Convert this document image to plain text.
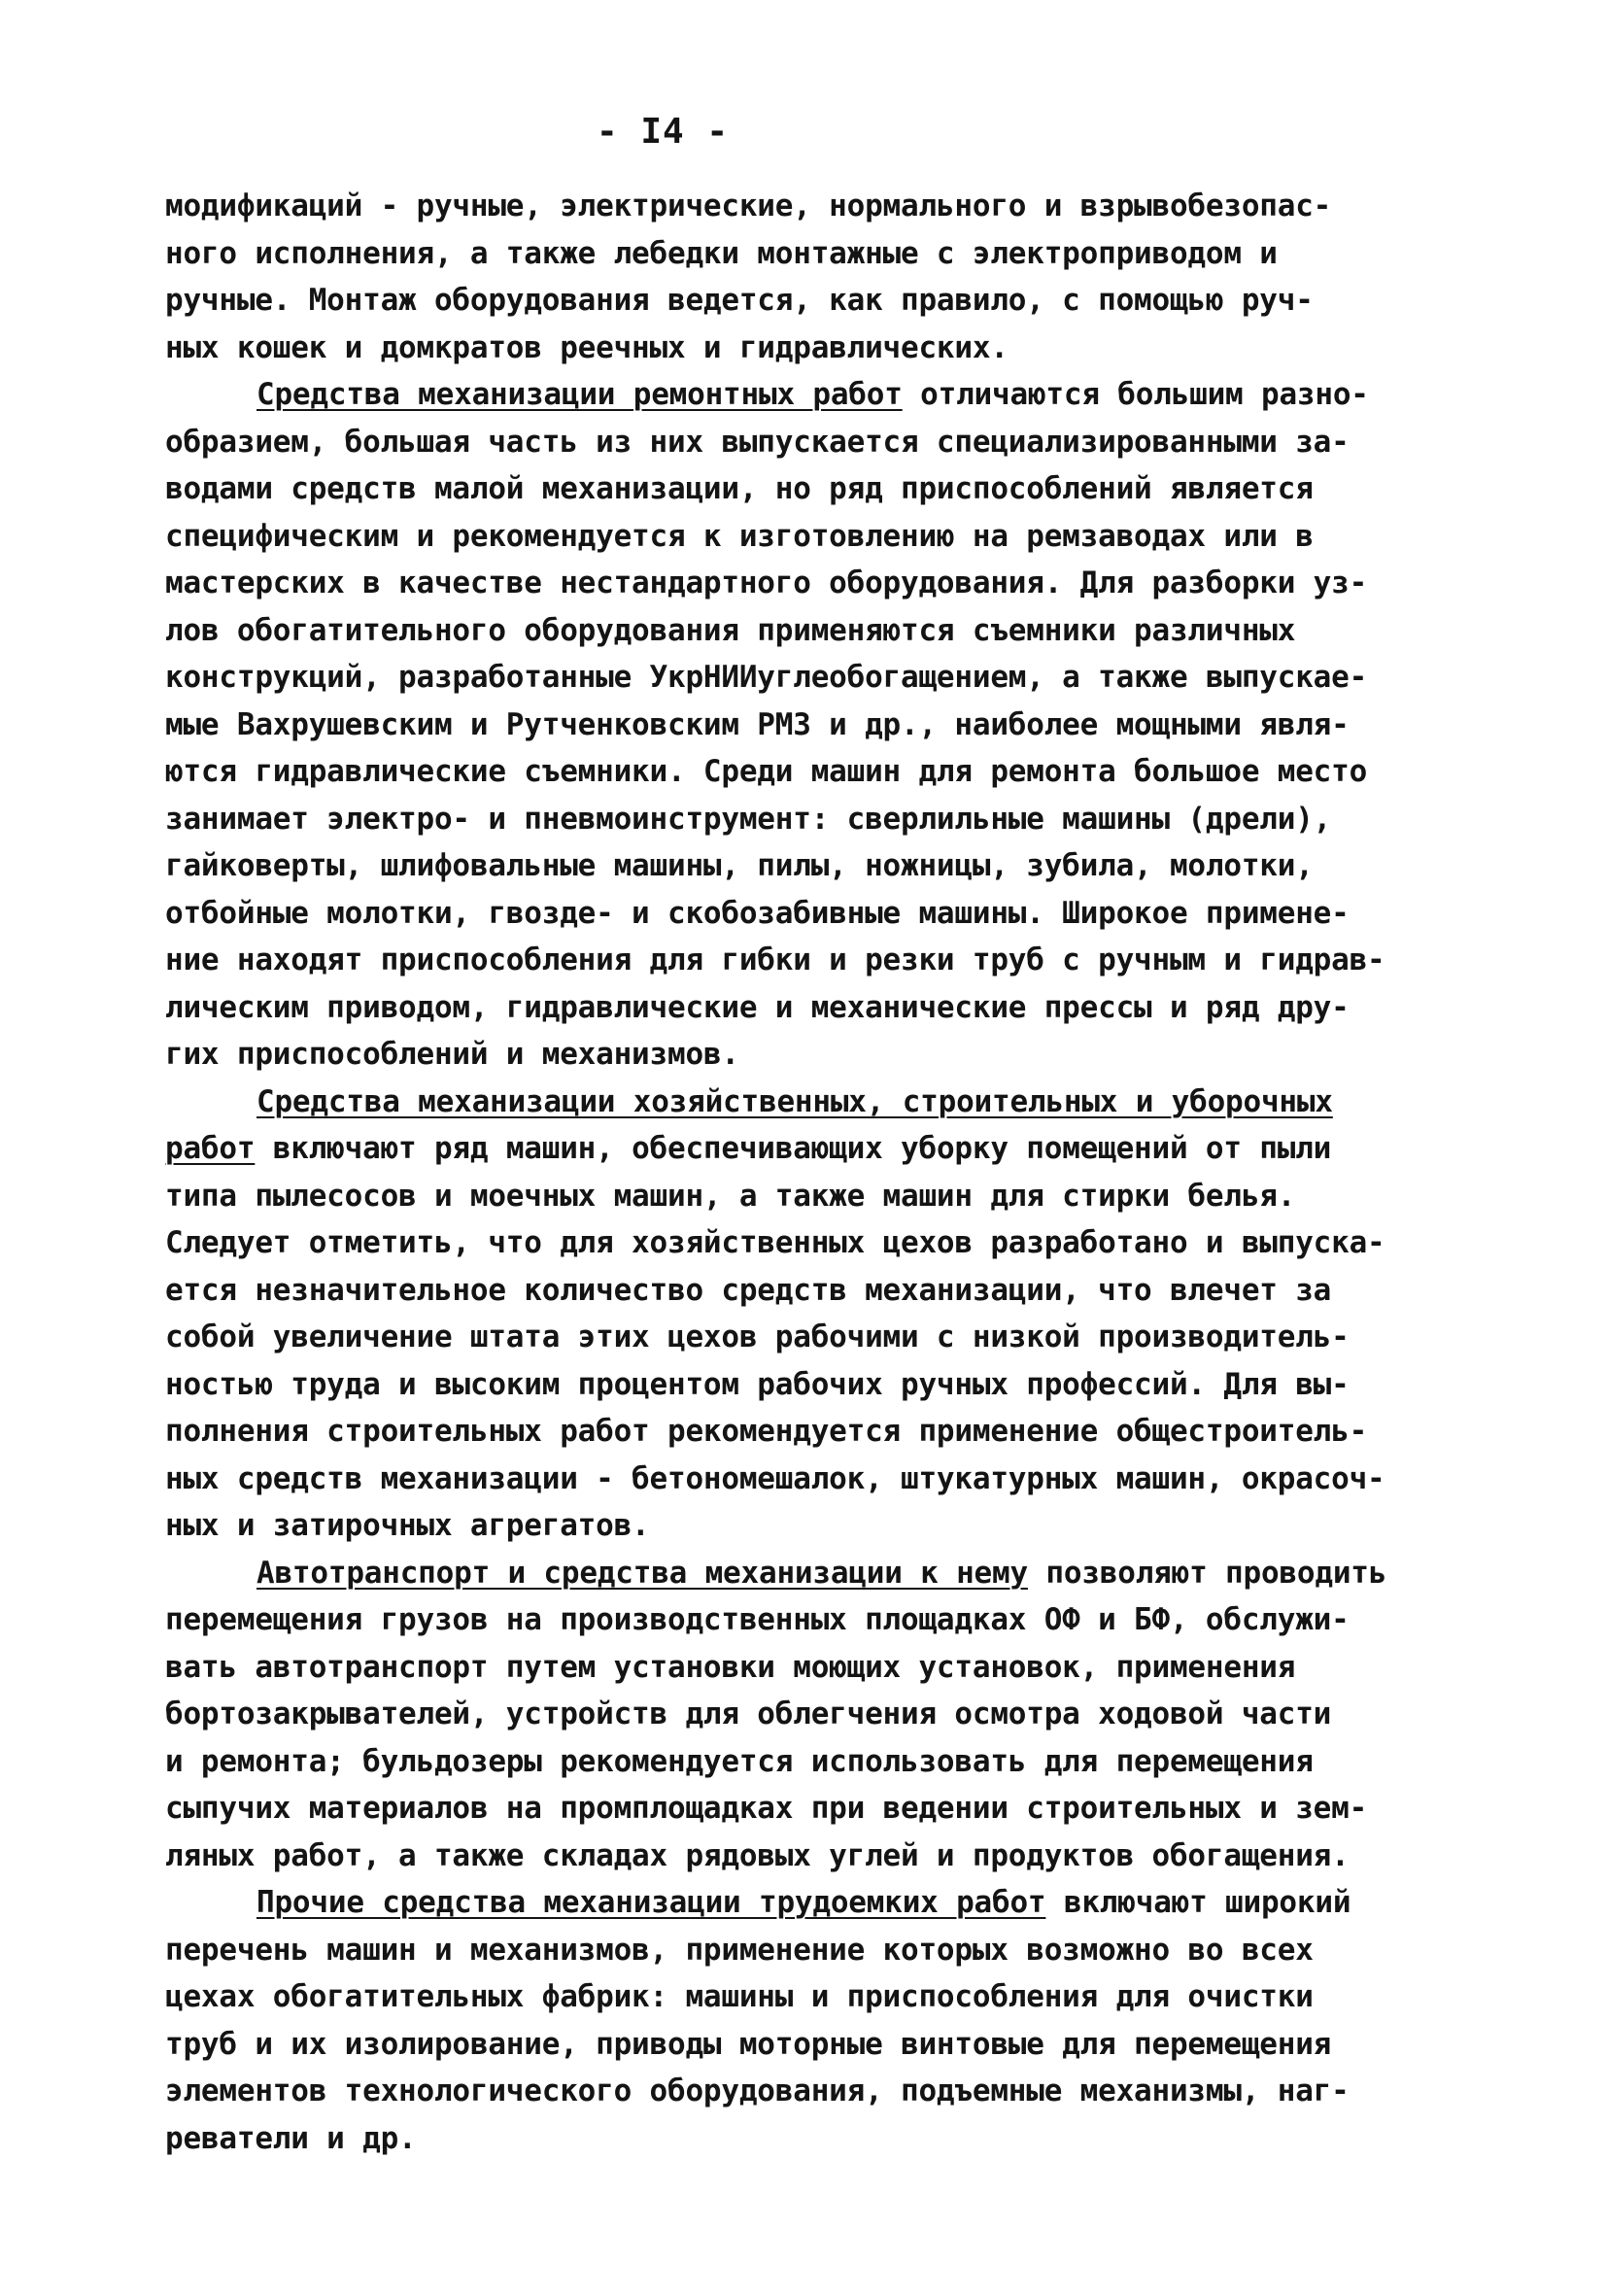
- I4 -
модификаций - ручные, электрические, нормального и взрывобезопас-
ного исполнения, а также лебедки монтажные с электроприводом и
ручные. Монтаж оборудования ведется, как правило, с помощью руч-
ных кошек и домкратов реечных и гидравлических.
Средства механизации ремонтных работ отличаются большим разно-
образием, большая часть из них выпускается специализированными за-
водами средств малой механизации, но ряд приспособлений является
специфическим и рекомендуется к изготовлению на ремзаводах или в
мастерских в качестве нестандартного оборудования. Для разборки уз-
лов обогатительного оборудования применяются съемники различных
конструкций, разработанные УкрНИИуглеобогащением, а также выпускае-
мые Вахрушевским и Рутченковским РМЗ и др., наиболее мощными явля-
ются гидравлические съемники. Среди машин для ремонта большое место
занимает электро- и пневмоинструмент: сверлильные машины (дрели),
гайковерты, шлифовальные машины, пилы, ножницы, зубила, молотки,
отбойные молотки, гвозде- и скобозабивные машины. Широкое примене-
ние находят приспособления для гибки и резки труб с ручным и гидрав-
лическим приводом, гидравлические и механические прессы и ряд дру-
гих приспособлений и механизмов.
Средства механизации хозяйственных, строительных и уборочных
работ включают ряд машин, обеспечивающих уборку помещений от пыли
типа пылесосов и моечных машин, а также машин для стирки белья.
Следует отметить, что для хозяйственных цехов разработано и выпуска-
ется незначительное количество средств механизации, что влечет за
собой увеличение штата этих цехов рабочими с низкой производитель-
ностью труда и высоким процентом рабочих ручных профессий. Для вы-
полнения строительных работ рекомендуется применение общестроитель-
ных средств механизации - бетономешалок, штукатурных машин, окрасоч-
ных и затирочных агрегатов.
Автотранспорт и средства механизации к нему позволяют проводить
перемещения грузов на производственных площадках ОФ и БФ, обслужи-
вать автотранспорт путем установки моющих установок, применения
бортозакрывателей, устройств для облегчения осмотра ходовой части
и ремонта; бульдозеры рекомендуется использовать для перемещения
сыпучих материалов на промплощадках при ведении строительных и зем-
ляных работ, а также складах рядовых углей и продуктов обогащения.
Прочие средства механизации трудоемких работ включают широкий
перечень машин и механизмов, применение которых возможно во всех
цехах обогатительных фабрик: машины и приспособления для очистки
труб и их изолирование, приводы моторные винтовые для перемещения
элементов технологического оборудования, подъемные механизмы, наг-
реватели и др.
